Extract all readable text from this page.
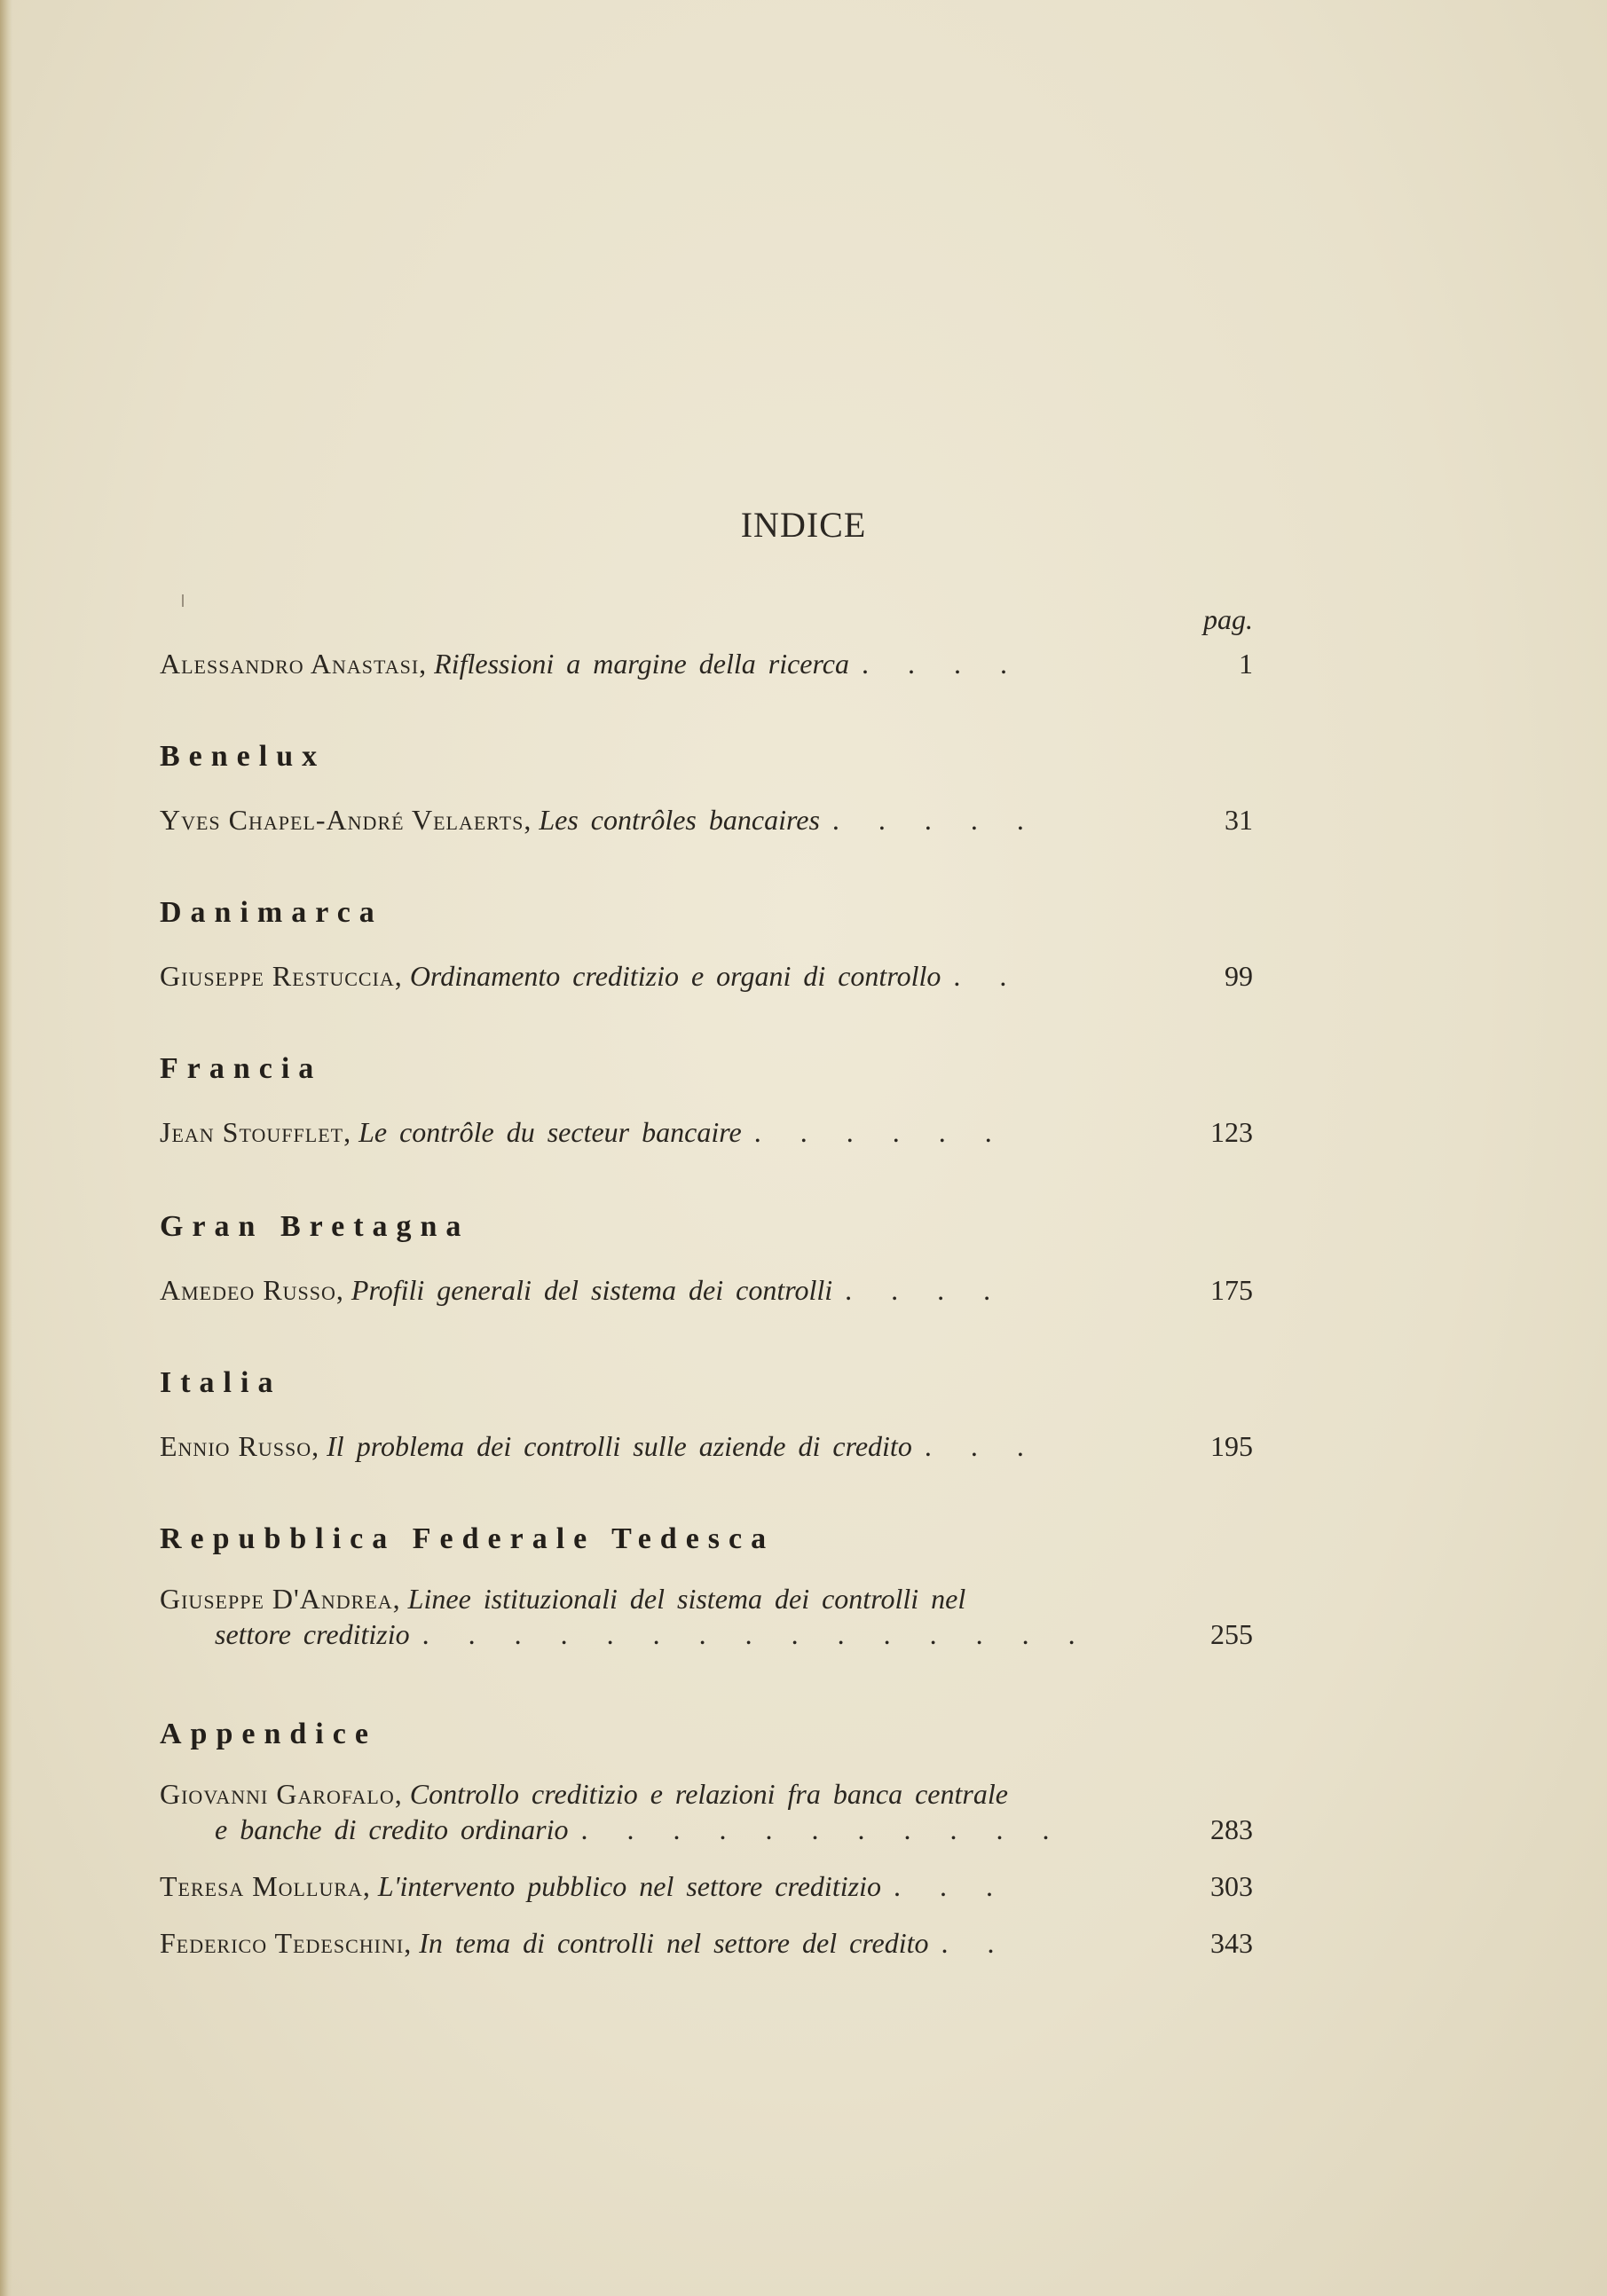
INDICE
pag.
Alessandro Anastasi, Riflessioni a margine della ricerca . . . .	1
Benelux
Yves Chapel-André Velaerts, Les contrôles bancaires . . . . .	31
Danimarca
Giuseppe Restuccia, Ordinamento creditizio e organi di controllo . .	99
Francia
Jean Stoufflet, Le contrôle du secteur bancaire . . . . . .	123
Gran Bretagna
Amedeo Russo, Profili generali del sistema dei controlli . . . .	175
Italia
Ennio Russo, Il problema dei controlli sulle aziende di credito . . .	195
Repubblica Federale Tedesca
Giuseppe D'Andrea, Linee istituzionali del sistema dei controlli nel
settore creditizio . . . . . . . . . . . . . . .	255
Appendice
Giovanni Garofalo, Controllo creditizio e relazioni fra banca centrale
e banche di credito ordinario . . . . . . . . . . .	283
Teresa Mollura, L'intervento pubblico nel settore creditizio . . .	303
Federico Tedeschini, In tema di controlli nel settore del credito . .	343
